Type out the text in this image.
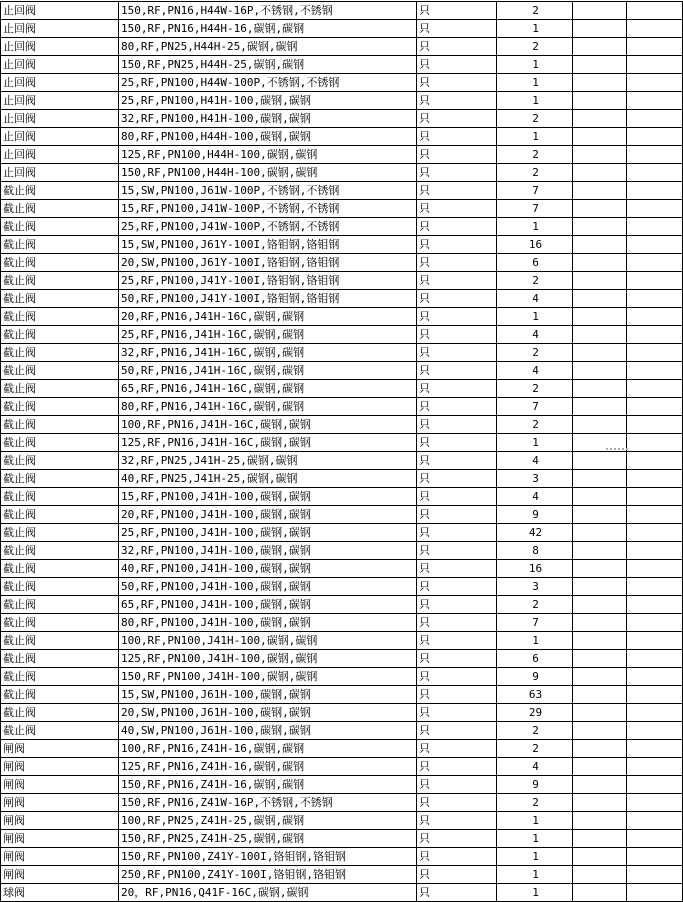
止回阀	150,RF,PN16,H44W-16P,不锈钢,不锈钢	只	2		
止回阀	150,RF,PN16,H44H-16,碳钢,碳钢	只	1		
止回阀	80,RF,PN25,H44H-25,碳钢,碳钢	只	2		
止回阀	150,RF,PN25,H44H-25,碳钢,碳钢	只	1		
止回阀	25,RF,PN100,H44W-100P,不锈钢,不锈钢	只	1		
止回阀	25,RF,PN100,H41H-100,碳钢,碳钢	只	1		
止回阀	32,RF,PN100,H41H-100,碳钢,碳钢	只	2		
止回阀	80,RF,PN100,H44H-100,碳钢,碳钢	只	1		
止回阀	125,RF,PN100,H44H-100,碳钢,碳钢	只	2		
止回阀	150,RF,PN100,H44H-100,碳钢,碳钢	只	2		
截止阀	15,SW,PN100,J61W-100P,不锈钢,不锈钢	只	7		
截止阀	15,RF,PN100,J41W-100P,不锈钢,不锈钢	只	7		
截止阀	25,RF,PN100,J41W-100P,不锈钢,不锈钢	只	1		
截止阀	15,SW,PN100,J61Y-100I,铬钼钢,铬钼钢	只	16		
截止阀	20,SW,PN100,J61Y-100I,铬钼钢,铬钼钢	只	6		
截止阀	25,RF,PN100,J41Y-100I,铬钼钢,铬钼钢	只	2		
截止阀	50,RF,PN100,J41Y-100I,铬钼钢,铬钼钢	只	4		
截止阀	20,RF,PN16,J41H-16C,碳钢,碳钢	只	1		
截止阀	25,RF,PN16,J41H-16C,碳钢,碳钢	只	4		
截止阀	32,RF,PN16,J41H-16C,碳钢,碳钢	只	2		
截止阀	50,RF,PN16,J41H-16C,碳钢,碳钢	只	4		
截止阀	65,RF,PN16,J41H-16C,碳钢,碳钢	只	2		
截止阀	80,RF,PN16,J41H-16C,碳钢,碳钢	只	7		
截止阀	100,RF,PN16,J41H-16C,碳钢,碳钢	只	2		
截止阀	125,RF,PN16,J41H-16C,碳钢,碳钢	只	1		
截止阀	32,RF,PN25,J41H-25,碳钢,碳钢	只	4		
截止阀	40,RF,PN25,J41H-25,碳钢,碳钢	只	3		
截止阀	15,RF,PN100,J41H-100,碳钢,碳钢	只	4		
截止阀	20,RF,PN100,J41H-100,碳钢,碳钢	只	9		
截止阀	25,RF,PN100,J41H-100,碳钢,碳钢	只	42		
截止阀	32,RF,PN100,J41H-100,碳钢,碳钢	只	8		
截止阀	40,RF,PN100,J41H-100,碳钢,碳钢	只	16		
截止阀	50,RF,PN100,J41H-100,碳钢,碳钢	只	3		
截止阀	65,RF,PN100,J41H-100,碳钢,碳钢	只	2		
截止阀	80,RF,PN100,J41H-100,碳钢,碳钢	只	7		
截止阀	100,RF,PN100,J41H-100,碳钢,碳钢	只	1		
截止阀	125,RF,PN100,J41H-100,碳钢,碳钢	只	6		
截止阀	150,RF,PN100,J41H-100,碳钢,碳钢	只	9		
截止阀	15,SW,PN100,J61H-100,碳钢,碳钢	只	63		
截止阀	20,SW,PN100,J61H-100,碳钢,碳钢	只	29		
截止阀	40,SW,PN100,J61H-100,碳钢,碳钢	只	2		
闸阀	100,RF,PN16,Z41H-16,碳钢,碳钢	只	2		
闸阀	125,RF,PN16,Z41H-16,碳钢,碳钢	只	4		
闸阀	150,RF,PN16,Z41H-16,碳钢,碳钢	只	9		
闸阀	150,RF,PN16,Z41W-16P,不锈钢,不锈钢	只	2		
闸阀	100,RF,PN25,Z41H-25,碳钢,碳钢	只	1		
闸阀	150,RF,PN25,Z41H-25,碳钢,碳钢	只	1		
闸阀	150,RF,PN100,Z41Y-100I,铬钼钢,铬钼钢	只	1		
闸阀	250,RF,PN100,Z41Y-100I,铬钼钢,铬钼钢	只	1		
球阀	20，RF,PN16,Q41F-16C,碳钢,碳钢	只	1		
